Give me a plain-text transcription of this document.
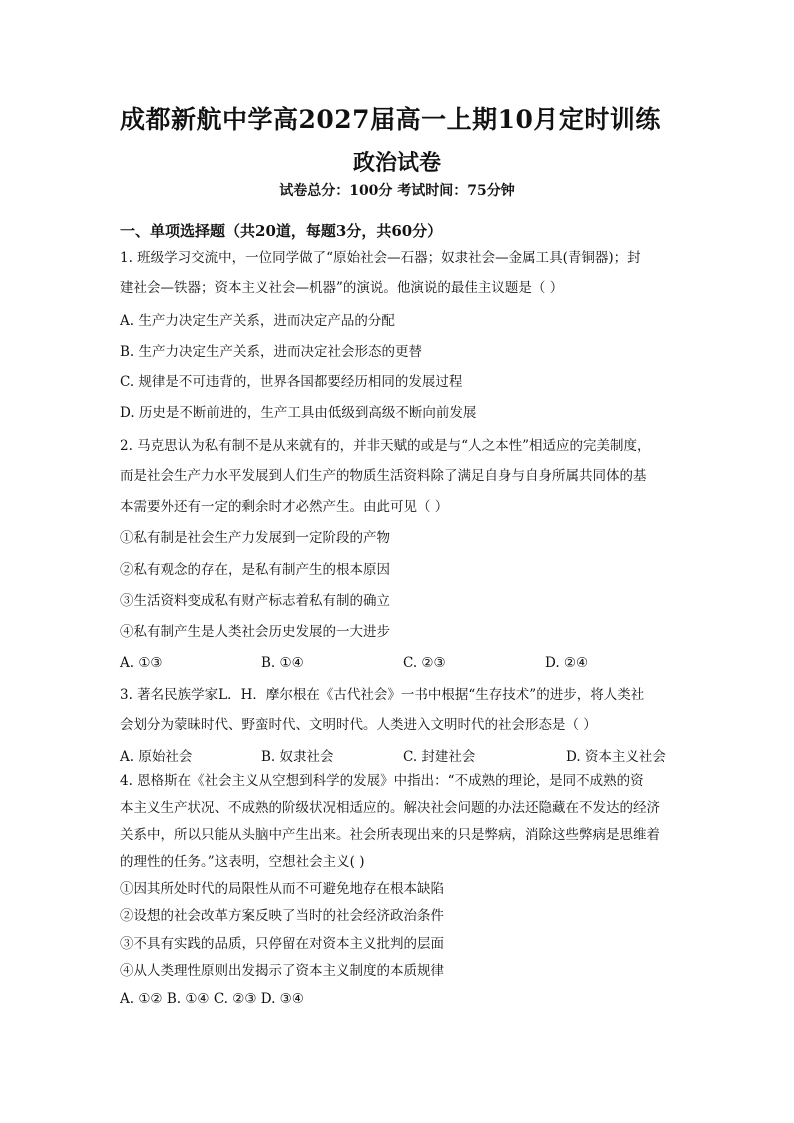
成都新航中学高2027届高一上期10月定时训练
政治试卷
试卷总分：100分 考试时间：75分钟
一、单项选择题（共20道，每题3分，共60分）
1. 班级学习交流中，一位同学做了“原始社会—石器；奴隶社会—金属工具(青铜器)；封
建社会—铁器；资本主义社会—机器”的演说。他演说的最佳主议题是（ ）
A. 生产力决定生产关系，进而决定产品的分配
B. 生产力决定生产关系，进而决定社会形态的更替
C. 规律是不可违背的，世界各国都要经历相同的发展过程
D. 历史是不断前进的，生产工具由低级到高级不断向前发展
2. 马克思认为私有制不是从来就有的，并非天赋的或是与“人之本性”相适应的完美制度，
而是社会生产力水平发展到人们生产的物质生活资料除了满足自身与自身所属共同体的基
本需要外还有一定的剩余时才必然产生。由此可见（ ）
①私有制是社会生产力发展到一定阶段的产物
②私有观念的存在，是私有制产生的根本原因
③生活资料变成私有财产标志着私有制的确立
④私有制产生是人类社会历史发展的一大进步
A. ①③	B. ①④	C. ②③	D. ②④
3. 著名民族学家L．H．摩尔根在《古代社会》一书中根据“生存技术”的进步，将人类社
会划分为蒙昧时代、野蛮时代、文明时代。人类进入文明时代的社会形态是（ ）
A. 原始社会	B. 奴隶社会	C. 封建社会	D. 资本主义社会
4. 恩格斯在《社会主义从空想到科学的发展》中指出：“不成熟的理论，是同不成熟的资
本主义生产状况、不成熟的阶级状况相适应的。解决社会问题的办法还隐藏在不发达的经济
关系中，所以只能从头脑中产生出来。社会所表现出来的只是弊病，消除这些弊病是思维着
的理性的任务。”这表明，空想社会主义( )
①因其所处时代的局限性从而不可避免地存在根本缺陷
②设想的社会改革方案反映了当时的社会经济政治条件
③不具有实践的品质，只停留在对资本主义批判的层面
④从人类理性原则出发揭示了资本主义制度的本质规律
A. ①② B. ①④ C. ②③ D. ③④
